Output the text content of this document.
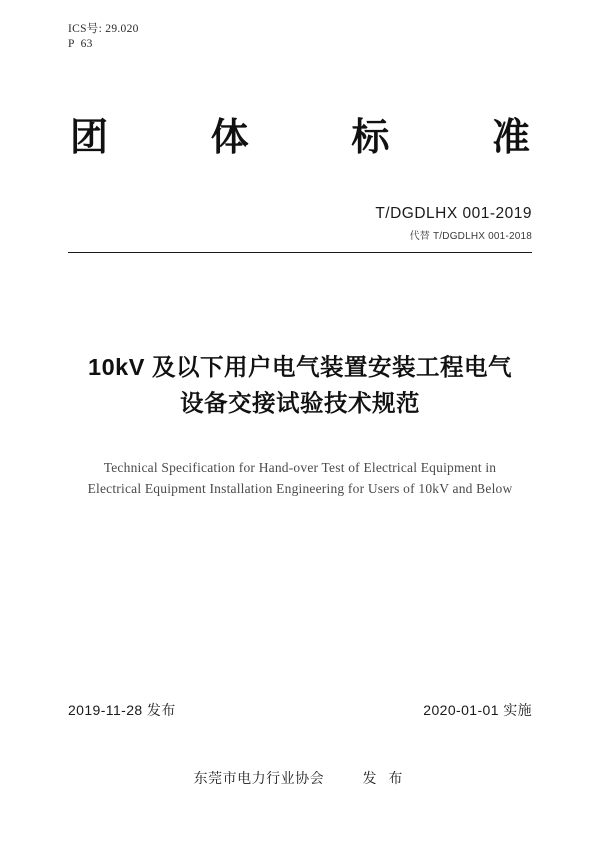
ICS号: 29.020
P  63
团	体	标	准
T/DGDLHX 001-2019
代替 T/DGDLHX 001-2018
10kV 及以下用户电气装置安装工程电气
设备交接试验技术规范
Technical Specification for Hand-over Test of Electrical Equipment in
Electrical Equipment Installation Engineering for Users of 10kV and Below
2019-11-28 发布	2020-01-01 实施
东莞市电力行业协会	发 布
